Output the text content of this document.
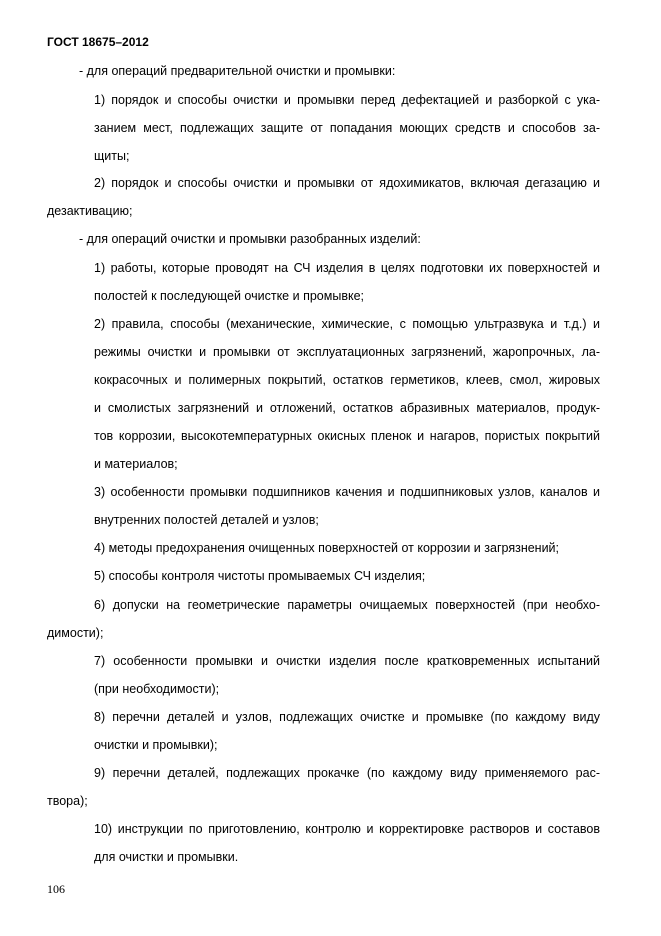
ГОСТ 18675–2012
- для операций предварительной очистки и промывки:
1) порядок и способы очистки и промывки перед дефектацией и разборкой с ука-
занием мест, подлежащих защите от попадания моющих средств и способов за-
щиты;
2) порядок и способы очистки и промывки от ядохимикатов, включая дегазацию и
дезактивацию;
- для операций очистки и промывки разобранных изделий:
1) работы, которые проводят на СЧ изделия в целях подготовки их поверхностей и
полостей к последующей очистке и промывке;
2) правила, способы (механические, химические, с помощью ультразвука и т.д.) и
режимы очистки и промывки от эксплуатационных загрязнений, жаропрочных, ла-
кокрасочных и полимерных покрытий, остатков герметиков, клеев, смол, жировых
и смолистых загрязнений и отложений, остатков абразивных материалов, продук-
тов коррозии, высокотемпературных окисных пленок и нагаров, пористых покрытий
и материалов;
3) особенности промывки подшипников качения и подшипниковых узлов, каналов и
внутренних полостей деталей и узлов;
4) методы предохранения очищенных поверхностей от коррозии и загрязнений;
5) способы контроля чистоты промываемых СЧ изделия;
6) допуски на геометрические параметры очищаемых поверхностей (при необхо-
димости);
7) особенности промывки и очистки изделия после кратковременных испытаний
(при необходимости);
8) перечни деталей и узлов, подлежащих очистке и промывке (по каждому виду
очистки и промывки);
9) перечни деталей, подлежащих прокачке (по каждому виду применяемого рас-
твора);
10) инструкции по приготовлению, контролю и корректировке растворов и составов
для очистки и промывки.
106
